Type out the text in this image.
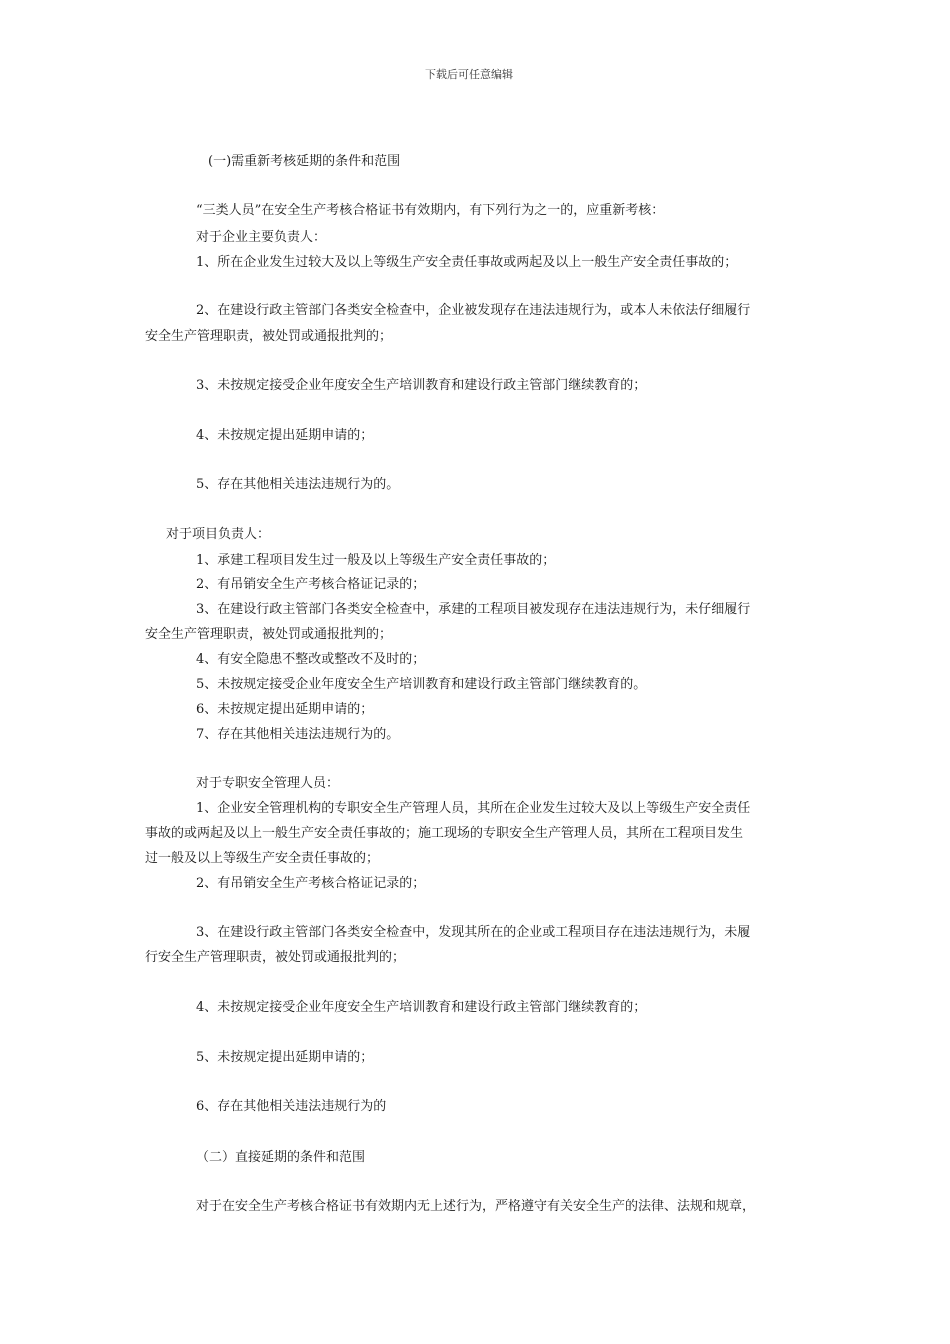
下载后可任意编辑
(一)需重新考核延期的条件和范围
“三类人员”在安全生产考核合格证书有效期内，有下列行为之一的，应重新考核：
对于企业主要负责人：
1、所在企业发生过较大及以上等级生产安全责任事故或两起及以上一般生产安全责任事故的；
2、在建设行政主管部门各类安全检查中，企业被发现存在违法违规行为，或本人未依法仔细履行
安全生产管理职责，被处罚或通报批判的；
3、未按规定接受企业年度安全生产培训教育和建设行政主管部门继续教育的；
4、未按规定提出延期申请的；
5、存在其他相关违法违规行为的。
对于项目负责人：
1、承建工程项目发生过一般及以上等级生产安全责任事故的；
2、有吊销安全生产考核合格证记录的；
3、在建设行政主管部门各类安全检查中，承建的工程项目被发现存在违法违规行为，未仔细履行
安全生产管理职责，被处罚或通报批判的；
4、有安全隐患不整改或整改不及时的；
5、未按规定接受企业年度安全生产培训教育和建设行政主管部门继续教育的。
6、未按规定提出延期申请的；
7、存在其他相关违法违规行为的。
对于专职安全管理人员：
1、企业安全管理机构的专职安全生产管理人员，其所在企业发生过较大及以上等级生产安全责任
事故的或两起及以上一般生产安全责任事故的；施工现场的专职安全生产管理人员，其所在工程项目发生
过一般及以上等级生产安全责任事故的；
2、有吊销安全生产考核合格证记录的；
3、在建设行政主管部门各类安全检查中，发现其所在的企业或工程项目存在违法违规行为，未履
行安全生产管理职责，被处罚或通报批判的；
4、未按规定接受企业年度安全生产培训教育和建设行政主管部门继续教育的；
5、未按规定提出延期申请的；
6、存在其他相关违法违规行为的
（二）直接延期的条件和范围
对于在安全生产考核合格证书有效期内无上述行为，严格遵守有关安全生产的法律、法规和规章，
